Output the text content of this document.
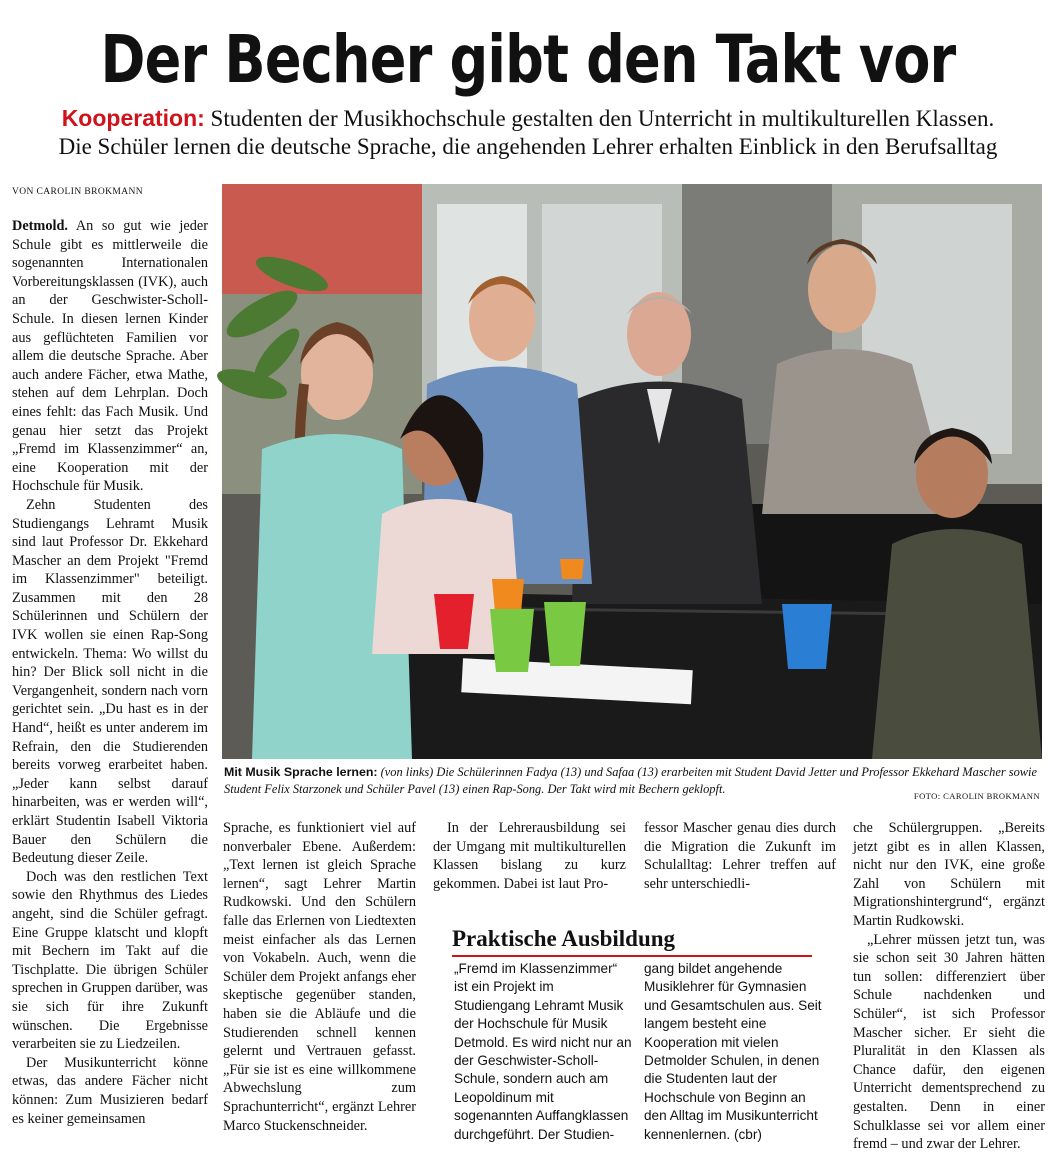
Der Becher gibt den Takt vor
Kooperation: Studenten der Musikhochschule gestalten den Unterricht in multikulturellen Klassen.
Die Schüler lernen die deutsche Sprache, die angehenden Lehrer erhalten Einblick in den Berufsalltag
VON CAROLIN BROKMANN

Detmold. An so gut wie jeder Schule gibt es mittlerweile die sogenannten Internationalen Vorbereitungsklassen (IVK), auch an der Geschwister-Scholl-Schule. In diesen lernen Kinder aus geflüchteten Familien vor allem die deutsche Sprache. Aber auch andere Fächer, etwa Mathe, stehen auf dem Lehrplan. Doch eines fehlt: das Fach Musik. Und genau hier setzt das Projekt „Fremd im Klassenzimmer“ an, eine Kooperation mit der Hochschule für Musik.

Zehn Studenten des Studiengangs Lehramt Musik sind laut Professor Dr. Ekkehard Mascher an dem Projekt "Fremd im Klassenzimmer" beteiligt. Zusammen mit den 28 Schülerinnen und Schülern der IVK wollen sie einen Rap-Song entwickeln. Thema: Wo willst du hin? Der Blick soll nicht in die Vergangenheit, sondern nach vorn gerichtet sein. „Du hast es in der Hand“, heißt es unter anderem im Refrain, den die Studierenden bereits vorweg erarbeitet haben. „Jeder kann selbst darauf hinarbeiten, was er werden will“, erklärt Studentin Isabell Viktoria Bauer den Schülern die Bedeutung dieser Zeile.

Doch was den restlichen Text sowie den Rhythmus des Liedes angeht, sind die Schüler gefragt. Eine Gruppe klatscht und klopft mit Bechern im Takt auf die Tischplatte. Die übrigen Schüler sprechen in Gruppen darüber, was sie sich für ihre Zukunft wünschen. Die Ergebnisse verarbeiten sie zu Liedzeilen.

Der Musikunterricht könne etwas, das andere Fächer nicht können: Zum Musizieren bedarf es keiner gemeinsamen

Mit Musik Sprache lernen: (von links) Die Schülerinnen Fadya (13) und Safaa (13) erarbeiten mit Student David Jetter und Professor Ekkehard Mascher sowie Student Felix Starzonek und Schüler Pavel (13) einen Rap-Song. Der Takt wird mit Bechern geklopft.	FOTO: CAROLIN BROKMANN

Sprache, es funktioniert viel auf nonverbaler Ebene. Außerdem: „Text lernen ist gleich Sprache lernen“, sagt Lehrer Martin Rudkowski. Und den Schülern falle das Erlernen von Liedtexten meist einfacher als das Lernen von Vokabeln. Auch, wenn die Schüler dem Projekt anfangs eher skeptische gegenüber standen, haben sie die Abläufe und die Studierenden schnell kennen gelernt und Vertrauen gefasst. „Für sie ist es eine willkommene Abwechslung zum Sprachunterricht“, ergänzt Lehrer Marco Stuckenschneider.

In der Lehrerausbildung sei der Umgang mit multikulturellen Klassen bislang zu kurz gekommen. Dabei ist laut Pro-

fessor Mascher genau dies durch die Migration die Zukunft im Schulalltag: Lehrer treffen auf sehr unterschiedli-

che Schülergruppen. „Bereits jetzt gibt es in allen Klassen, nicht nur den IVK, eine große Zahl von Schülern mit Migrationshintergrund“, ergänzt Martin Rudkowski.

„Lehrer müssen jetzt tun, was sie schon seit 30 Jahren hätten tun sollen: differenziert über Schule nachdenken und Schüler“, ist sich Professor Mascher sicher. Er sieht die Pluralität in den Klassen als Chance dafür, den eigenen Unterricht dementsprechend zu gestalten. Denn in einer Schulklasse sei vor allem einer fremd – und zwar der Lehrer.

Praktische Ausbildung

„Fremd im Klassenzimmer“ ist ein Projekt im Studiengang Lehramt Musik der Hochschule für Musik Detmold. Es wird nicht nur an der Geschwister-Scholl-Schule, sondern auch am Leopoldinum mit sogenannten Auffangklassen durchgeführt. Der Studien-

gang bildet angehende Musiklehrer für Gymnasien und Gesamtschulen aus. Seit langem besteht eine Kooperation mit vielen Detmolder Schulen, in denen die Studenten laut der Hochschule von Beginn an den Alltag im Musikunterricht kennenlernen. (cbr)
